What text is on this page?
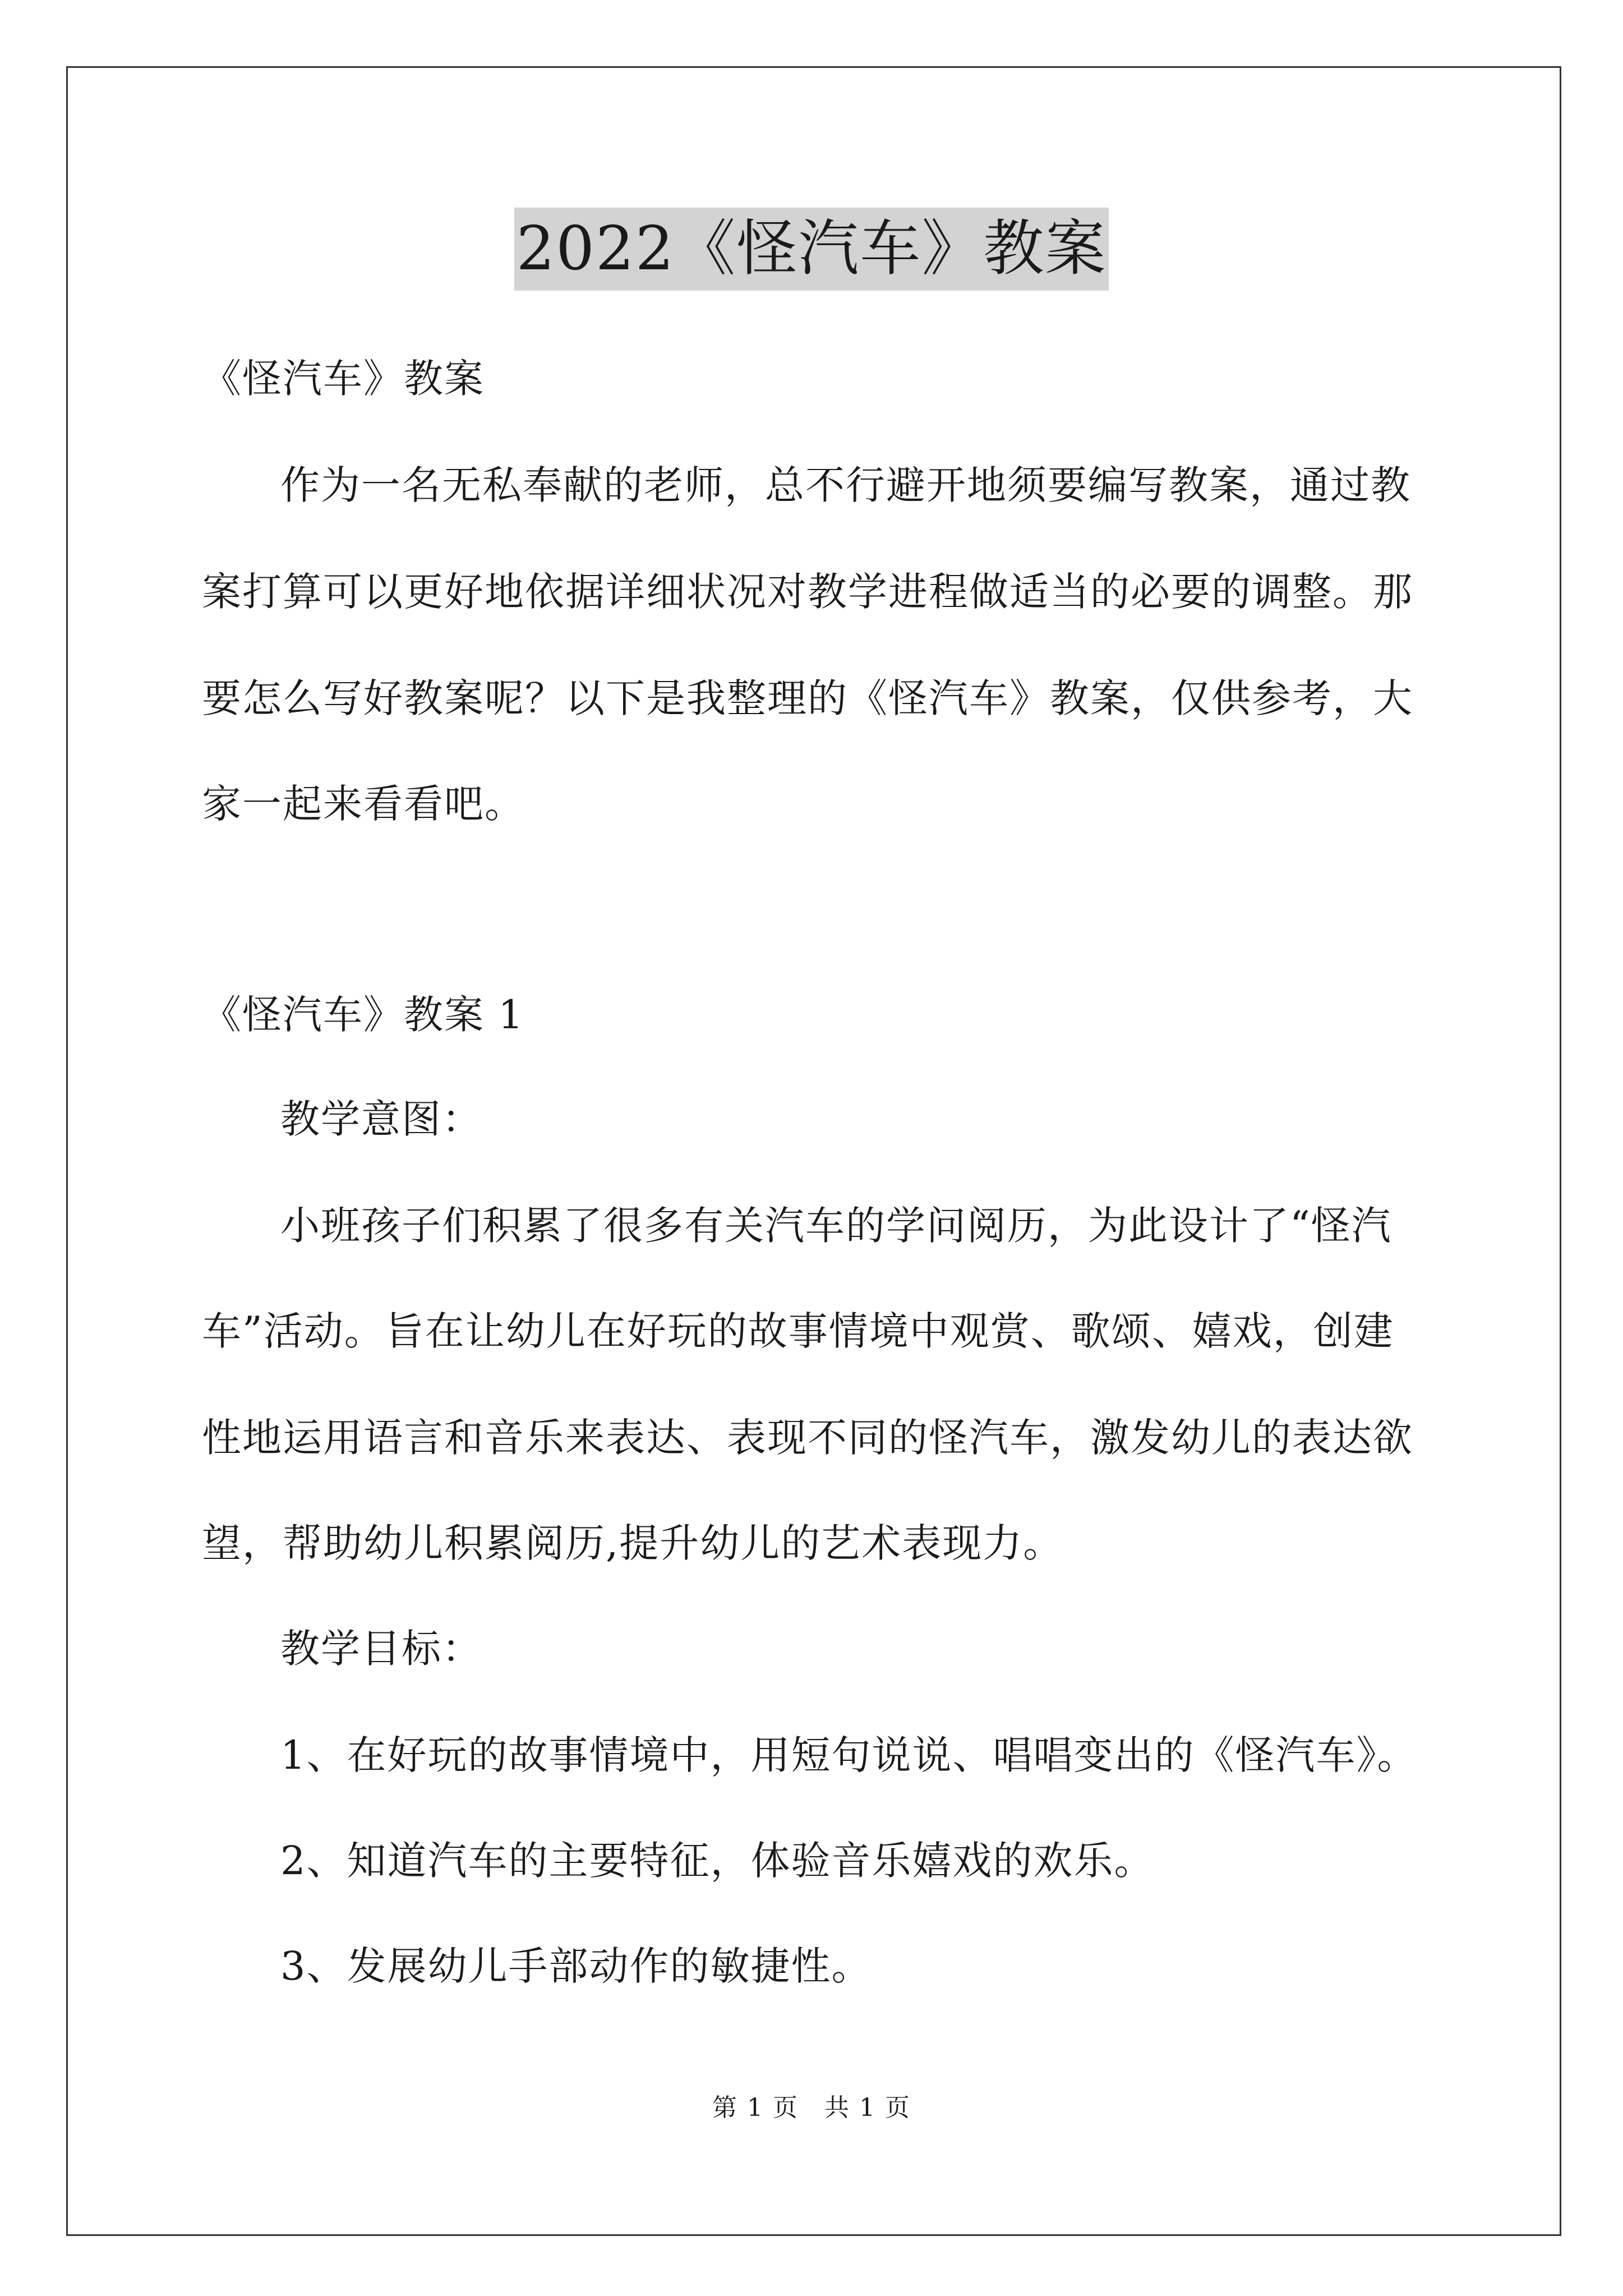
2022《怪汽车》教案
《怪汽车》教案
作为一名无私奉献的老师，总不行避开地须要编写教案，通过教
案打算可以更好地依据详细状况对教学进程做适当的必要的调整。那
要怎么写好教案呢？以下是我整理的《怪汽车》教案，仅供参考，大
家一起来看看吧。
《怪汽车》教案 1
教学意图：
小班孩子们积累了很多有关汽车的学问阅历，为此设计了“怪汽
车”活动。旨在让幼儿在好玩的故事情境中观赏、歌颂、嬉戏，创建
性地运用语言和音乐来表达、表现不同的怪汽车，激发幼儿的表达欲
望，帮助幼儿积累阅历,提升幼儿的艺术表现力。
教学目标：
1、在好玩的故事情境中，用短句说说、唱唱变出的《怪汽车》。
2、知道汽车的主要特征，体验音乐嬉戏的欢乐。
3、发展幼儿手部动作的敏捷性。
第 1 页　共 1 页
